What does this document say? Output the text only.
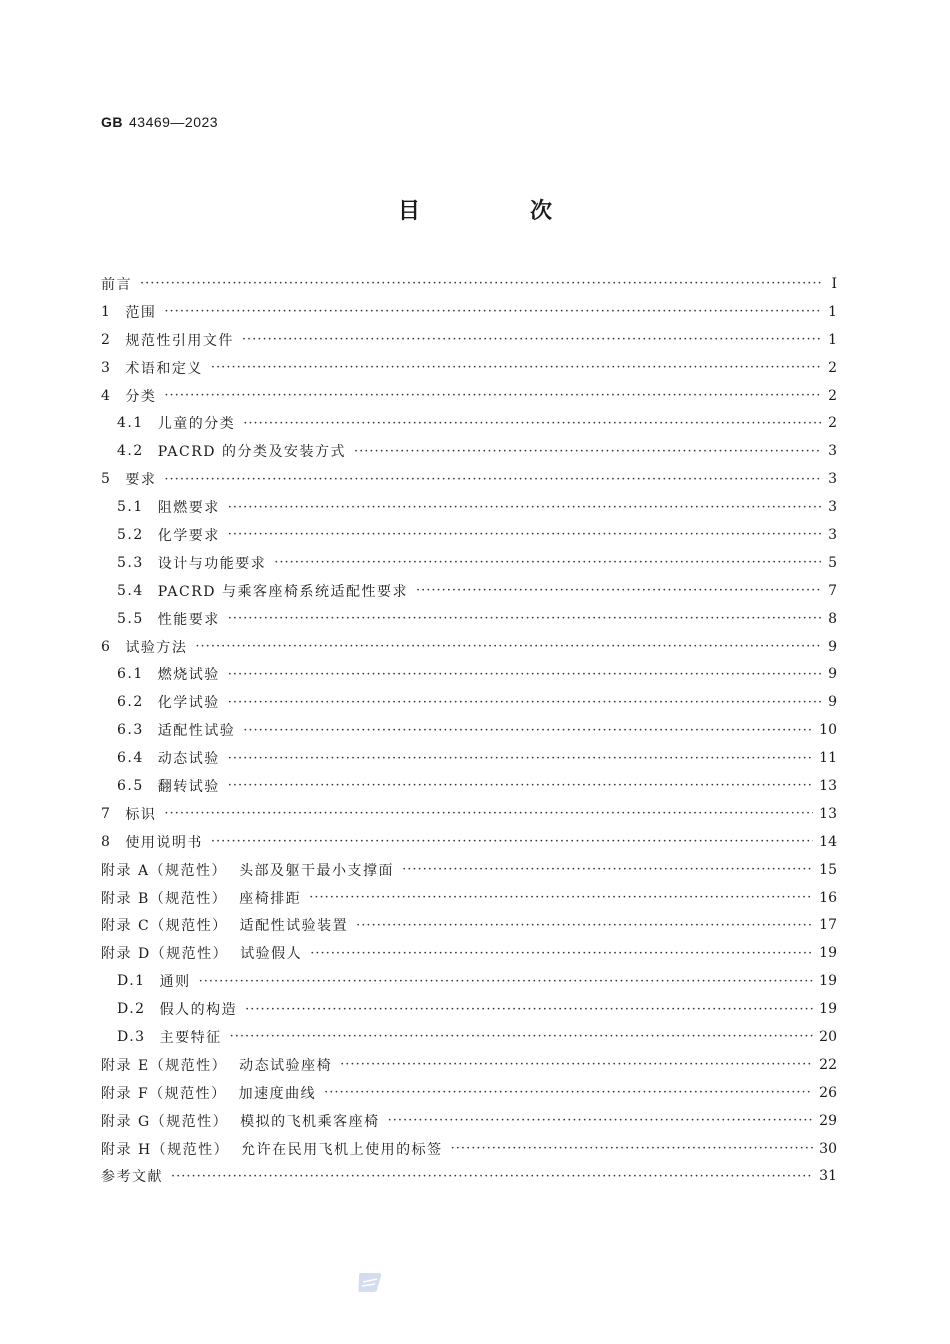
GB 43469—2023
目　次
前言 ·····	I
1 范围 ·····	1
2 规范性引用文件 ·····	1
3 术语和定义 ·····	2
4 分类 ·····	2
4.1 儿童的分类 ·····	2
4.2 PACRD 的分类及安装方式 ·····	3
5 要求 ·····	3
5.1 阻燃要求 ·····	3
5.2 化学要求 ·····	3
5.3 设计与功能要求 ·····	5
5.4 PACRD 与乘客座椅系统适配性要求 ·····	7
5.5 性能要求 ·····	8
6 试验方法 ·····	9
6.1 燃烧试验 ·····	9
6.2 化学试验 ·····	9
6.3 适配性试验 ·····	10
6.4 动态试验 ·····	11
6.5 翻转试验 ·····	13
7 标识 ·····	13
8 使用说明书 ·····	14
附录 A（规范性） 头部及躯干最小支撑面 ·····	15
附录 B（规范性） 座椅排距 ·····	16
附录 C（规范性） 适配性试验装置 ·····	17
附录 D（规范性） 试验假人 ·····	19
D.1 通则 ·····	19
D.2 假人的构造 ·····	19
D.3 主要特征 ·····	20
附录 E（规范性） 动态试验座椅 ·····	22
附录 F（规范性） 加速度曲线 ·····	26
附录 G（规范性） 模拟的飞机乘客座椅 ·····	29
附录 H（规范性） 允许在民用飞机上使用的标签 ·····	30
参考文献 ·····	31
